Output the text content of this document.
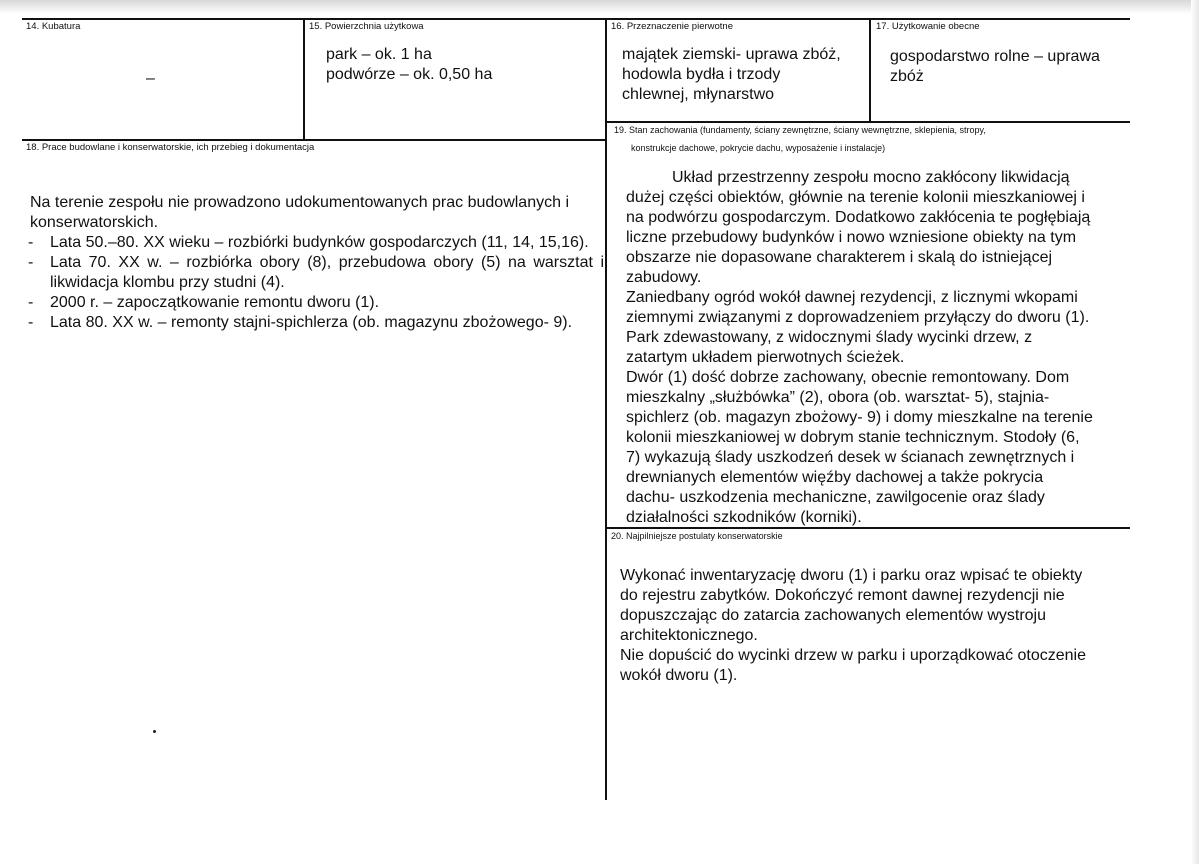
14. Kubatura
–
15. Powierzchnia użytkowa
park – ok. 1 ha
podwórze – ok. 0,50 ha
16. Przeznaczenie pierwotne
majątek ziemski- uprawa zbóż,
hodowla bydła i trzody
chlewnej, młynarstwo
17. Użytkowanie obecne
gospodarstwo rolne – uprawa
zbóż
18. Prace budowlane i konserwatorskie, ich przebieg i dokumentacja

Na terenie zespołu nie prowadzono udokumentowanych prac budowlanych i konserwatorskich.

- Lata 50.–80. XX wieku – rozbiórki budynków gospodarczych (11, 14, 15,16).
- Lata 70. XX w. – rozbiórka obory (8), przebudowa obory (5) na warsztat i likwidacja klombu przy studni (4).
- 2000 r. – zapoczątkowanie remontu dworu (1).
- Lata 80. XX w. – remonty stajni-spichlerza (ob. magazynu zbożowego- 9).
19. Stan zachowania (fundamenty, ściany zewnętrzne, ściany wewnętrzne, sklepienia, stropy,
konstrukcje dachowe, pokrycie dachu, wyposażenie i instalacje)
Układ przestrzenny zespołu mocno zakłócony likwidacją
dużej części obiektów, głównie na terenie kolonii mieszkaniowej i
na podwórzu gospodarczym. Dodatkowo zakłócenia te pogłębiają
liczne przebudowy budynków i nowo wzniesione obiekty na tym
obszarze nie dopasowane charakterem i skalą do istniejącej
zabudowy.
Zaniedbany ogród wokół dawnej rezydencji, z licznymi wkopami
ziemnymi związanymi z doprowadzeniem przyłączy do dworu (1).
Park zdewastowany, z widocznymi ślady wycinki drzew, z
zatartym układem pierwotnych ścieżek.
Dwór (1) dość dobrze zachowany, obecnie remontowany. Dom
mieszkalny „służbówka” (2), obora (ob. warsztat- 5), stajnia-
spichlerz (ob. magazyn zbożowy- 9) i domy mieszkalne na terenie
kolonii mieszkaniowej w dobrym stanie technicznym. Stodoły (6,
7) wykazują ślady uszkodzeń desek w ścianach zewnętrznych i
drewnianych elementów więźby dachowej a także pokrycia
dachu- uszkodzenia mechaniczne, zawilgocenie oraz ślady
działalności szkodników (korniki).
20. Najpilniejsze postulaty konserwatorskie
Wykonać inwentaryzację dworu (1) i parku oraz wpisać te obiekty
do rejestru zabytków. Dokończyć remont dawnej rezydencji nie
dopuszczając do zatarcia zachowanych elementów wystroju
architektonicznego.
Nie dopuścić do wycinki drzew w parku i uporządkować otoczenie
wokół dworu (1).
